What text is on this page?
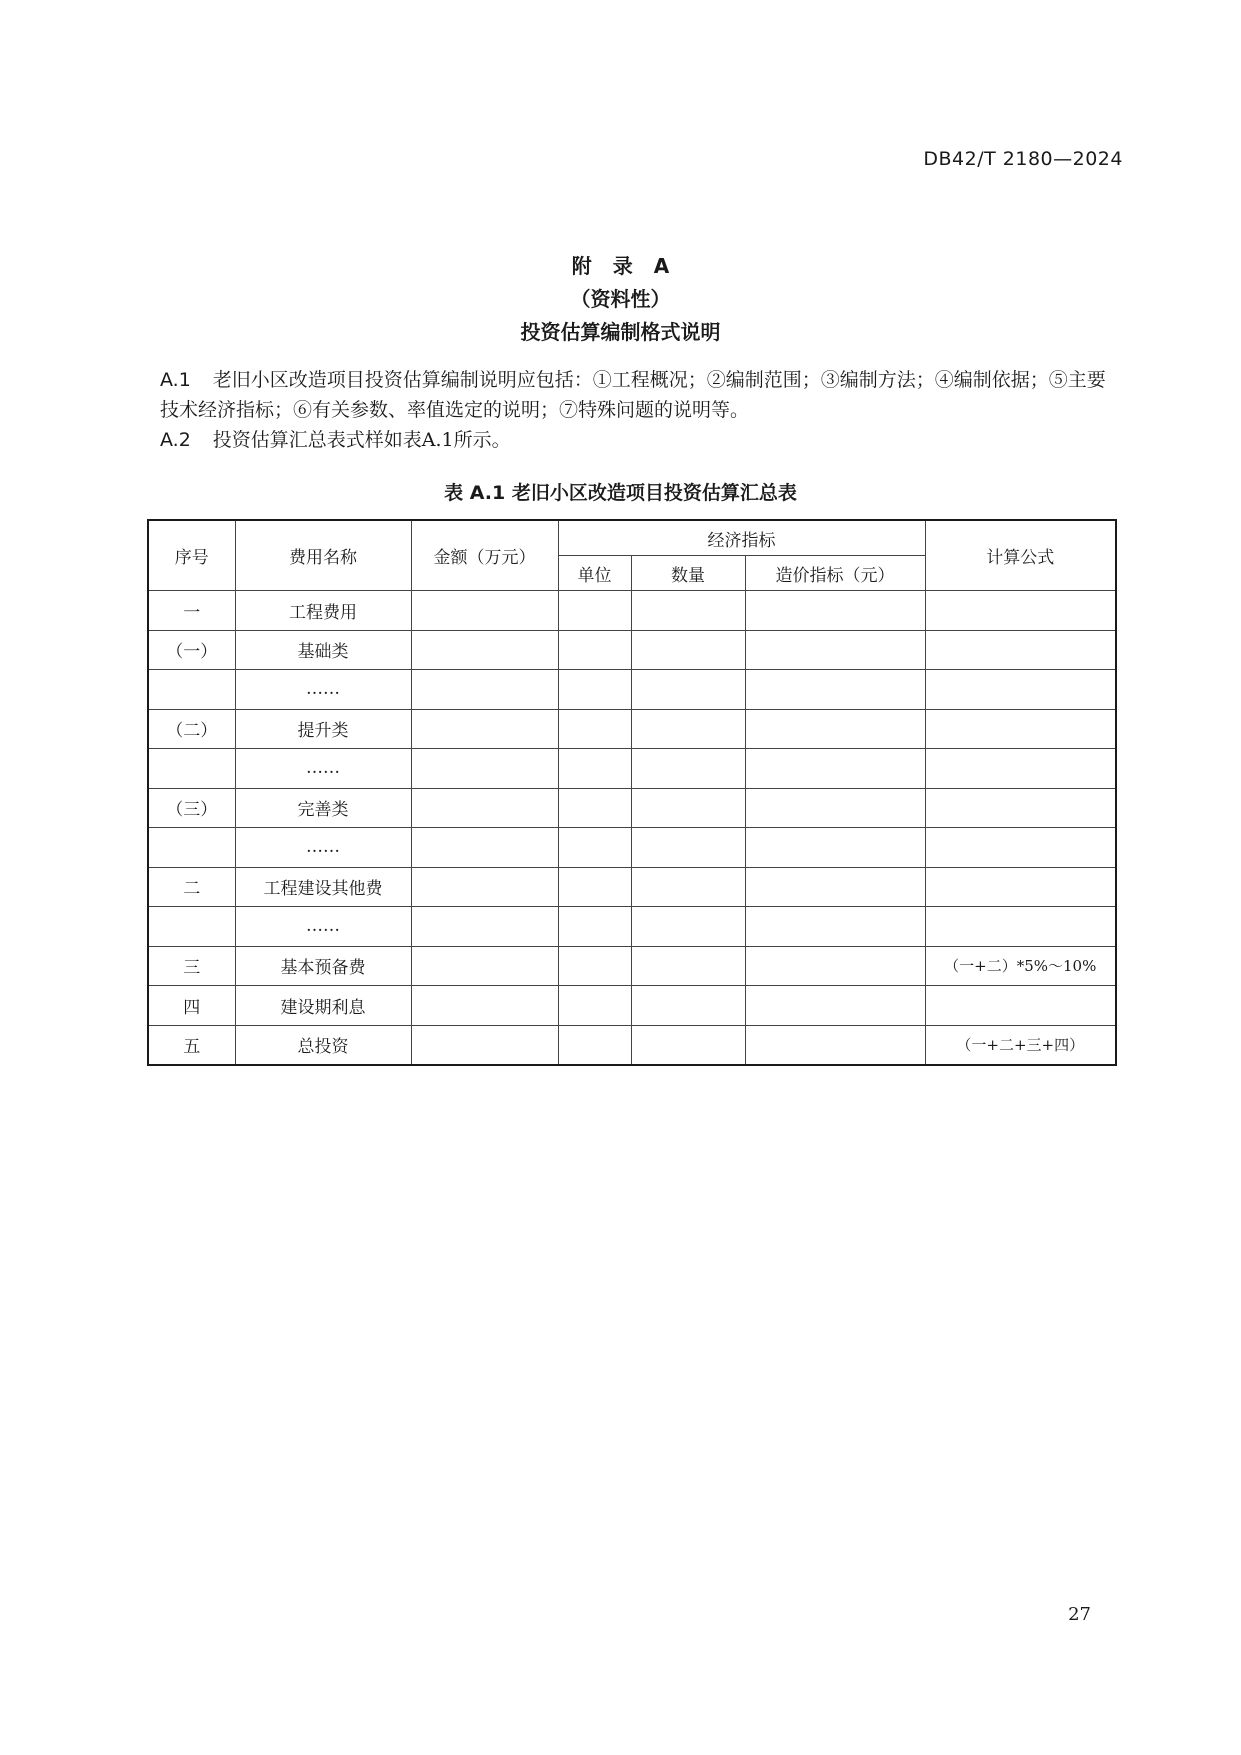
DB42/T 2180—2024
附 录 A
（资料性）
投资估算编制格式说明
A.1 老旧小区改造项目投资估算编制说明应包括：①工程概况；②编制范围；③编制方法；④编制依据；⑤主要技术经济指标；⑥有关参数、率值选定的说明；⑦特殊问题的说明等。
A.2 投资估算汇总表式样如表A.1所示。
表 A.1 老旧小区改造项目投资估算汇总表
序号	费用名称	金额（万元）	经济指标			计算公式
			单位	数量	造价指标（元）	
一	工程费用					
（一）	基础类					
	……					
（二）	提升类					
	……					
（三）	完善类					
	……					
二	工程建设其他费					
	……					
三	基本预备费					（一+二）*5%～10%
四	建设期利息					
五	总投资					（一+二+三+四）
27
